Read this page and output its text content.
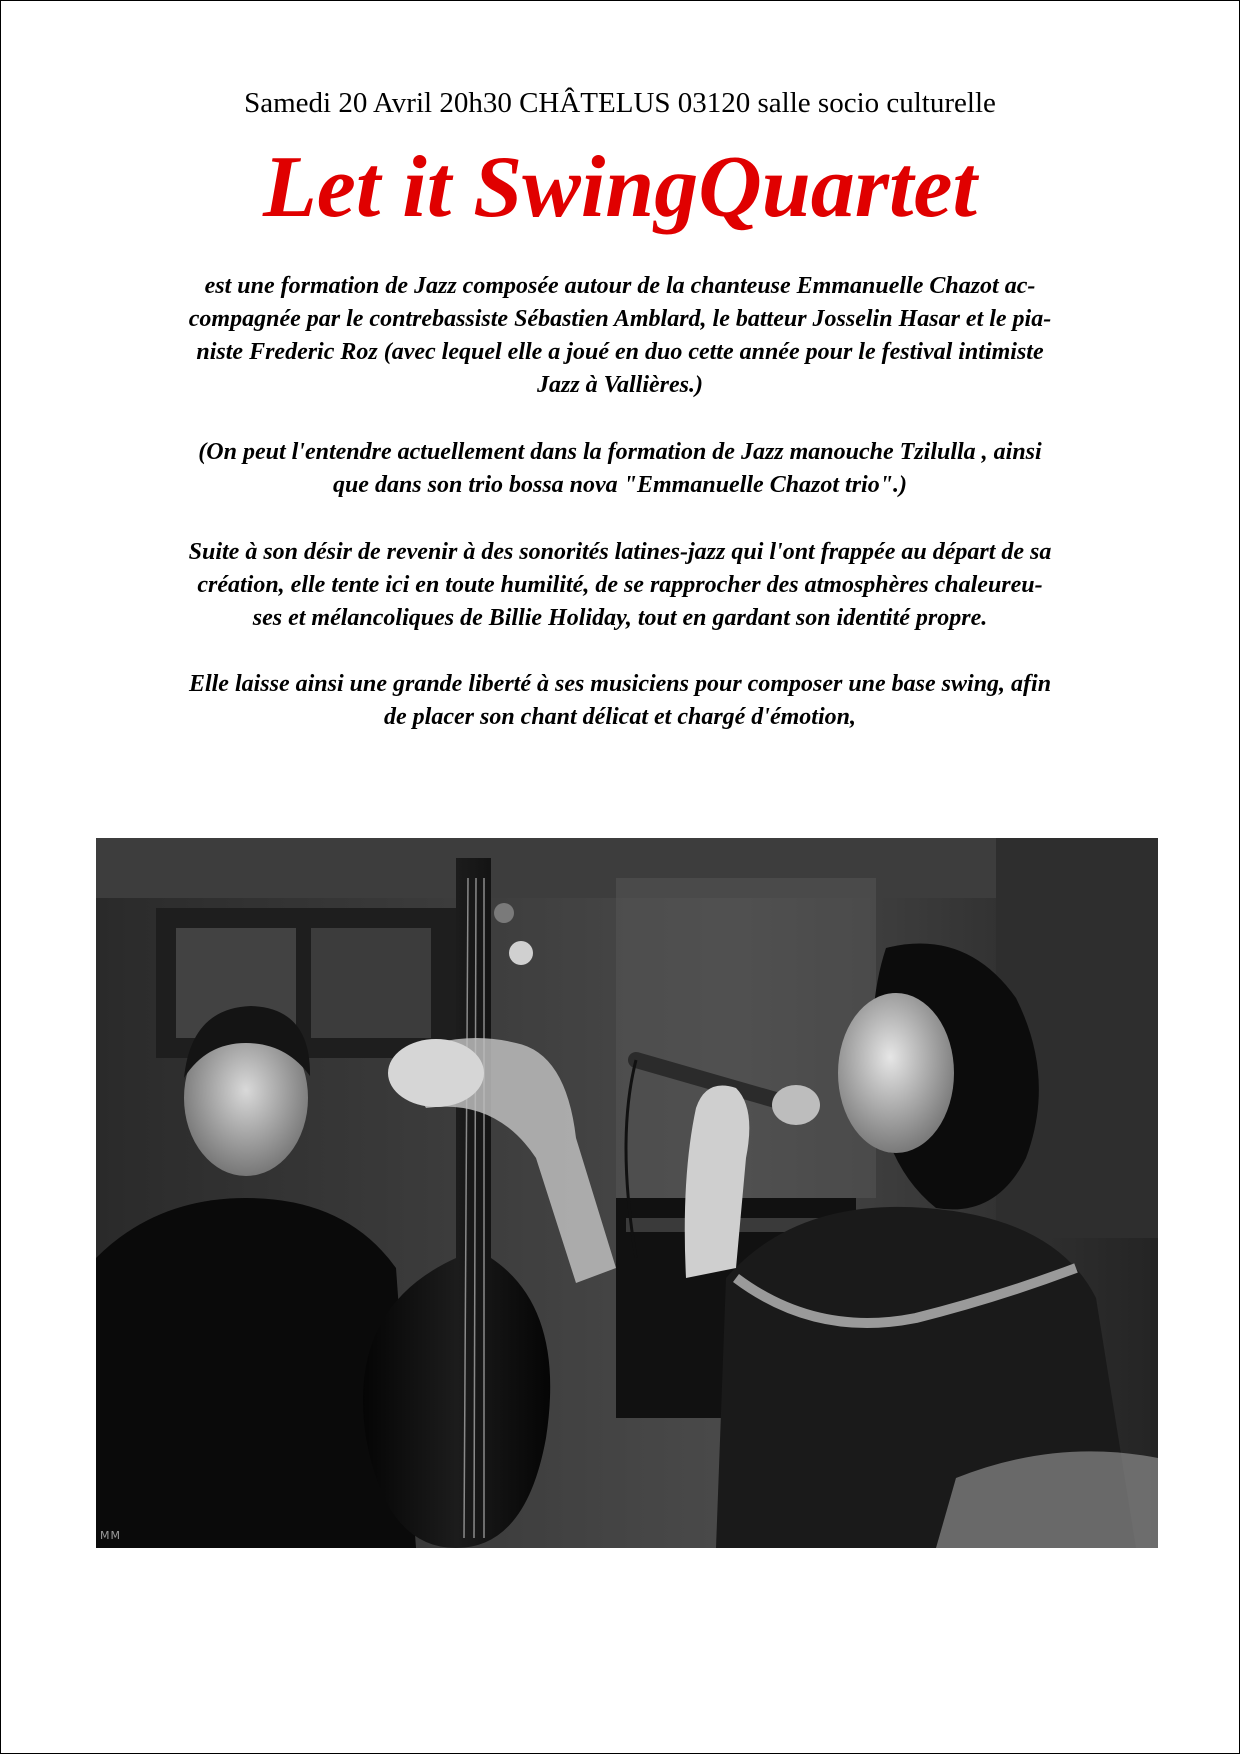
Samedi 20 Avril 20h30 CHÂTELUS 03120 salle socio culturelle
Let it SwingQuartet
est une formation de Jazz composée autour de la chanteuse Emmanuelle Chazot ac-
compagnée par le contrebassiste Sébastien Amblard, le batteur Josselin Hasar et le pia-
niste Frederic Roz (avec lequel elle a joué en duo cette année pour le festival intimiste
Jazz à Vallières.)
(On peut l'entendre actuellement dans la formation de Jazz manouche Tzilulla , ainsi
que dans son trio bossa nova "Emmanuelle Chazot trio".)
Suite à son désir de revenir à des sonorités latines-jazz qui l'ont frappée au départ de sa
création, elle tente ici en toute humilité, de se rapprocher des atmosphères chaleureu-
ses et mélancoliques de Billie Holiday, tout en gardant son identité propre.
Elle laisse ainsi une grande liberté à ses musiciens pour composer une base swing, afin
de placer son chant délicat et chargé d'émotion,
MM
